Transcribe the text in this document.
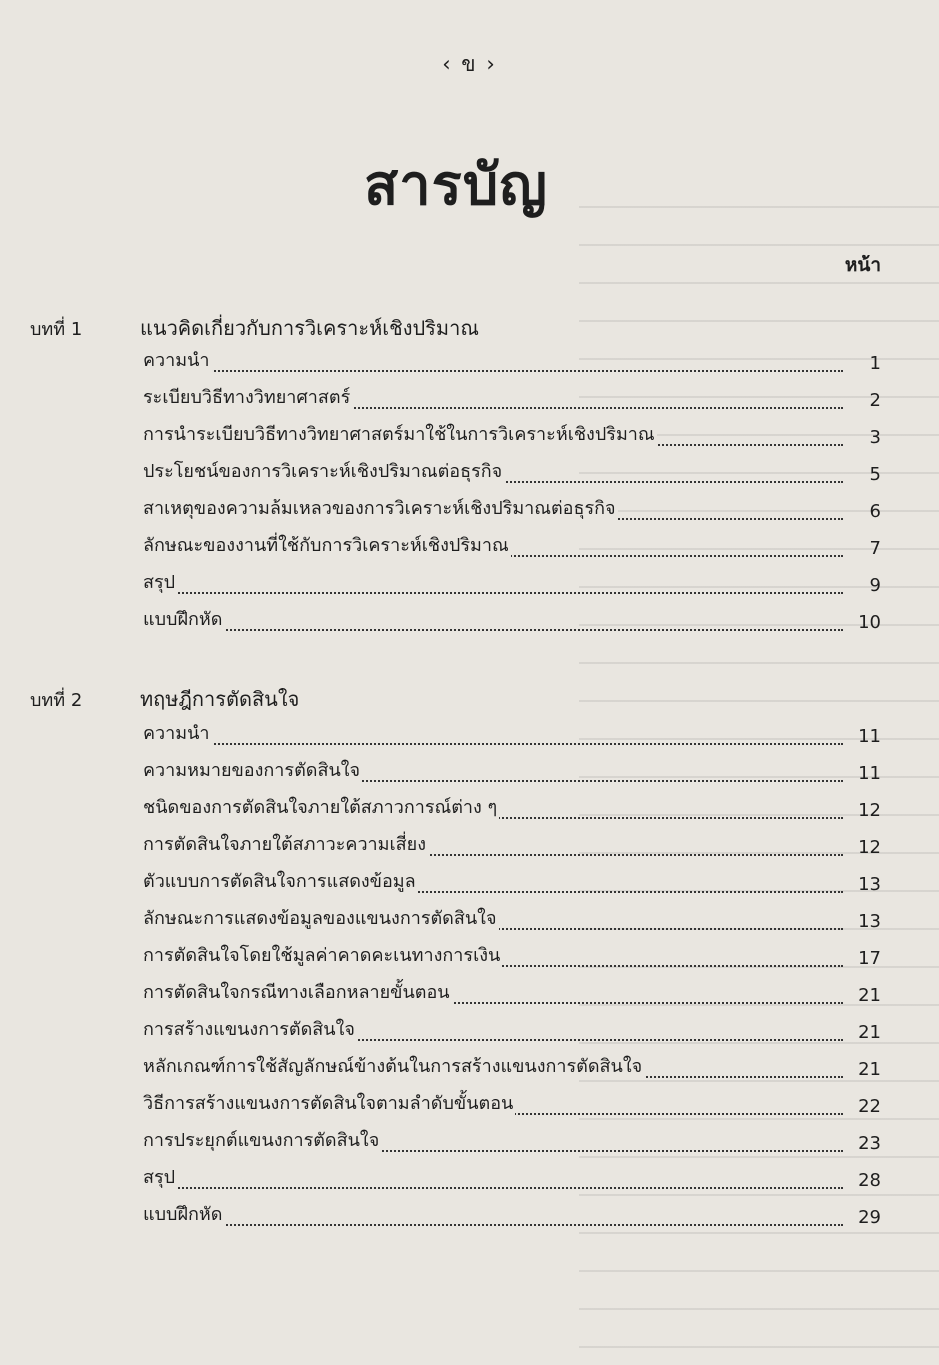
‹ ข ›
สารบัญ
หน้า
บทที่ 1	แนวคิดเกี่ยวกับการวิเคราะห์เชิงปริมาณ
ความนำ	1
ระเบียบวิธีทางวิทยาศาสตร์	2
การนำระเบียบวิธีทางวิทยาศาสตร์มาใช้ในการวิเคราะห์เชิงปริมาณ	3
ประโยชน์ของการวิเคราะห์เชิงปริมาณต่อธุรกิจ	5
สาเหตุของความล้มเหลวของการวิเคราะห์เชิงปริมาณต่อธุรกิจ	6
ลักษณะของงานที่ใช้กับการวิเคราะห์เชิงปริมาณ	7
สรุป	9
แบบฝึกหัด	10
บทที่ 2	ทฤษฎีการตัดสินใจ
ความนำ	11
ความหมายของการตัดสินใจ	11
ชนิดของการตัดสินใจภายใต้สภาวการณ์ต่าง ๆ	12
การตัดสินใจภายใต้สภาวะความเสี่ยง	12
ตัวแบบการตัดสินใจการแสดงข้อมูล	13
ลักษณะการแสดงข้อมูลของแขนงการตัดสินใจ	13
การตัดสินใจโดยใช้มูลค่าคาดคะเนทางการเงิน	17
การตัดสินใจกรณีทางเลือกหลายขั้นตอน	21
การสร้างแขนงการตัดสินใจ	21
หลักเกณฑ์การใช้สัญลักษณ์ข้างต้นในการสร้างแขนงการตัดสินใจ	21
วิธีการสร้างแขนงการตัดสินใจตามลำดับขั้นตอน	22
การประยุกต์แขนงการตัดสินใจ	23
สรุป	28
แบบฝึกหัด	29
